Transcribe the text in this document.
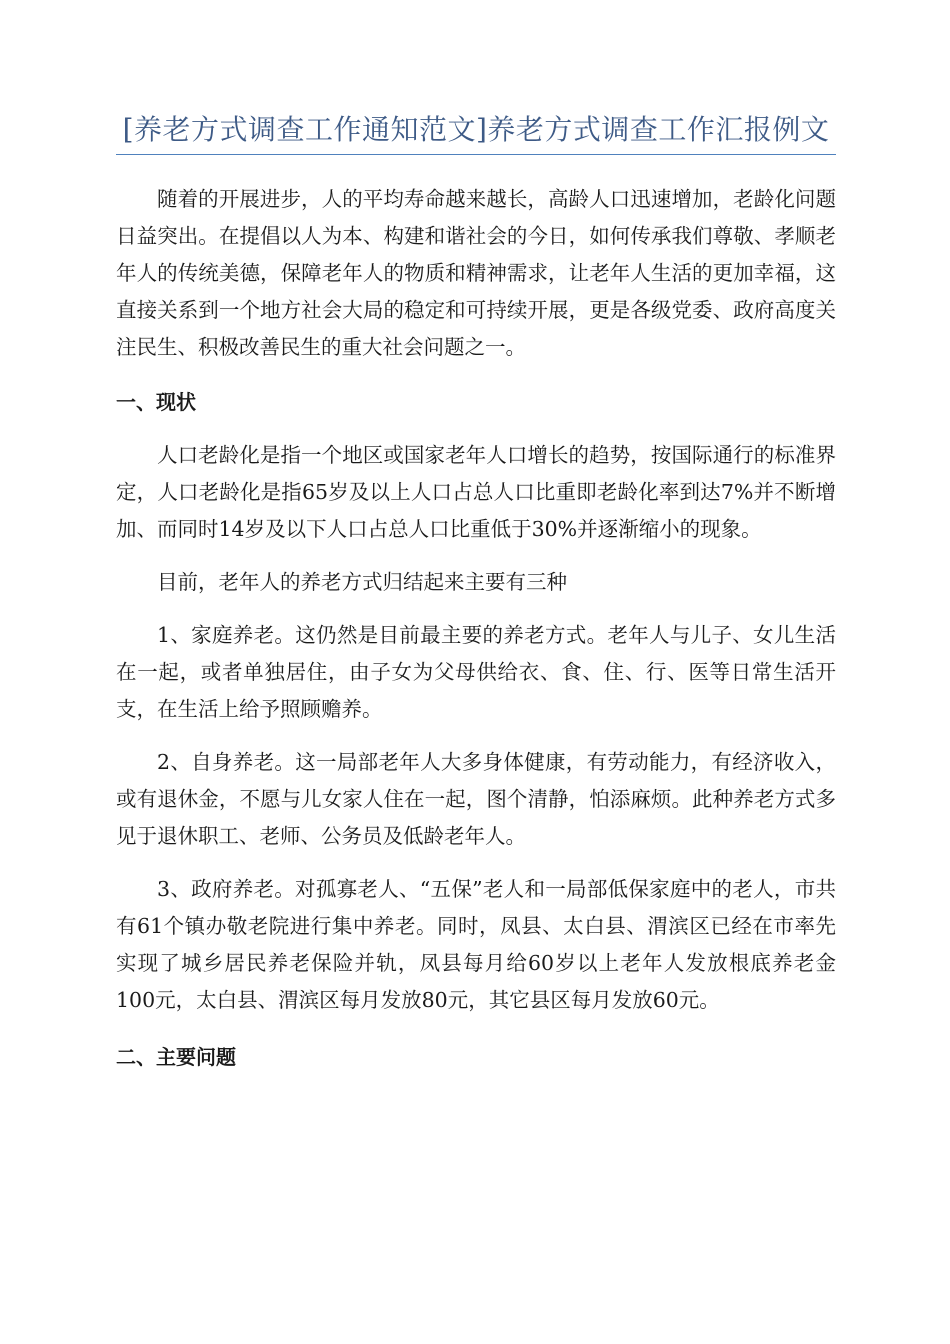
[养老方式调查工作通知范文]养老方式调查工作汇报例文

随着的开展进步，人的平均寿命越来越长，高龄人口迅速增加，老龄化问题日益突出。在提倡以人为本、构建和谐社会的今日，如何传承我们尊敬、孝顺老年人的传统美德，保障老年人的物质和精神需求，让老年人生活的更加幸福，这直接关系到一个地方社会大局的稳定和可持续开展，更是各级党委、政府高度关注民生、积极改善民生的重大社会问题之一。

一、现状

人口老龄化是指一个地区或国家老年人口增长的趋势，按国际通行的标准界定，人口老龄化是指65岁及以上人口占总人口比重即老龄化率到达7%并不断增加、而同时14岁及以下人口占总人口比重低于30%并逐渐缩小的现象。

目前，老年人的养老方式归结起来主要有三种

1、家庭养老。这仍然是目前最主要的养老方式。老年人与儿子、女儿生活在一起，或者单独居住，由子女为父母供给衣、食、住、行、医等日常生活开支，在生活上给予照顾赡养。

2、自身养老。这一局部老年人大多身体健康，有劳动能力，有经济收入，或有退休金，不愿与儿女家人住在一起，图个清静，怕添麻烦。此种养老方式多见于退休职工、老师、公务员及低龄老年人。

3、政府养老。对孤寡老人、“五保”老人和一局部低保家庭中的老人，市共有61个镇办敬老院进行集中养老。同时，凤县、太白县、渭滨区已经在市率先实现了城乡居民养老保险并轨，凤县每月给60岁以上老年人发放根底养老金100元，太白县、渭滨区每月发放80元，其它县区每月发放60元。

二、主要问题
